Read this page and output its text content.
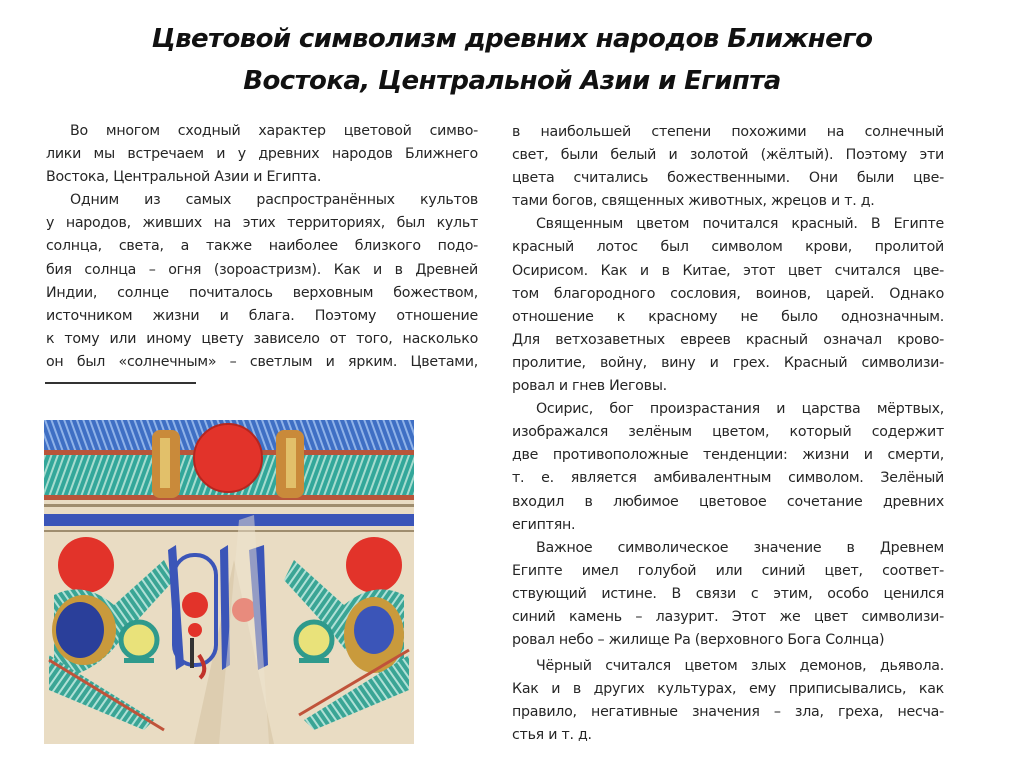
Цветовой символизм древних народов Ближнего
Востока, Центральной Азии и Египта
Во многом сходный характер цветовой симво-
лики мы встречаем и у древних народов Ближнего
Востока, Центральной Азии и Египта.
Одним из самых распространённых культов
у народов, живших на этих территориях, был культ
солнца, света, а также наиболее близкого подо-
бия солнца – огня (зороастризм). Как и в Древней
Индии, солнце почиталось верховным божеством,
источником жизни и блага. Поэтому отношение
к тому или иному цвету зависело от того, насколько
он был «солнечным» – светлым и ярким. Цветами,
в наибольшей степени похожими на солнечный
свет, были белый и золотой (жёлтый). Поэтому эти
цвета считались божественными. Они были цве-
тами богов, священных животных, жрецов и т. д.
Священным цветом почитался красный. В Египте
красный лотос был символом крови, пролитой
Осирисом. Как и в Китае, этот цвет считался цве-
том благородного сословия, воинов, царей. Однако
отношение к красному не было однозначным.
Для ветхозаветных евреев красный означал крово-
пролитие, войну, вину и грех. Красный символизи-
ровал и гнев Иеговы.
Осирис, бог произрастания и царства мёртвых,
изображался зелёным цветом, который содержит
две противоположные тенденции: жизни и смерти,
т. е. является амбивалентным символом. Зелёный
входил в любимое цветовое сочетание древних
египтян.
Важное символическое значение в Древнем
Египте имел голубой или синий цвет, соответ-
ствующий истине. В связи с этим, особо ценился
синий камень – лазурит. Этот же цвет символизи-
ровал небо – жилище Ра (верховного Бога Солнца)
Чёрный считался цветом злых демонов, дьявола.
Как и в других культурах, ему приписывались, как
правило, негативные значения – зла, греха, несча-
стья и т. д.
